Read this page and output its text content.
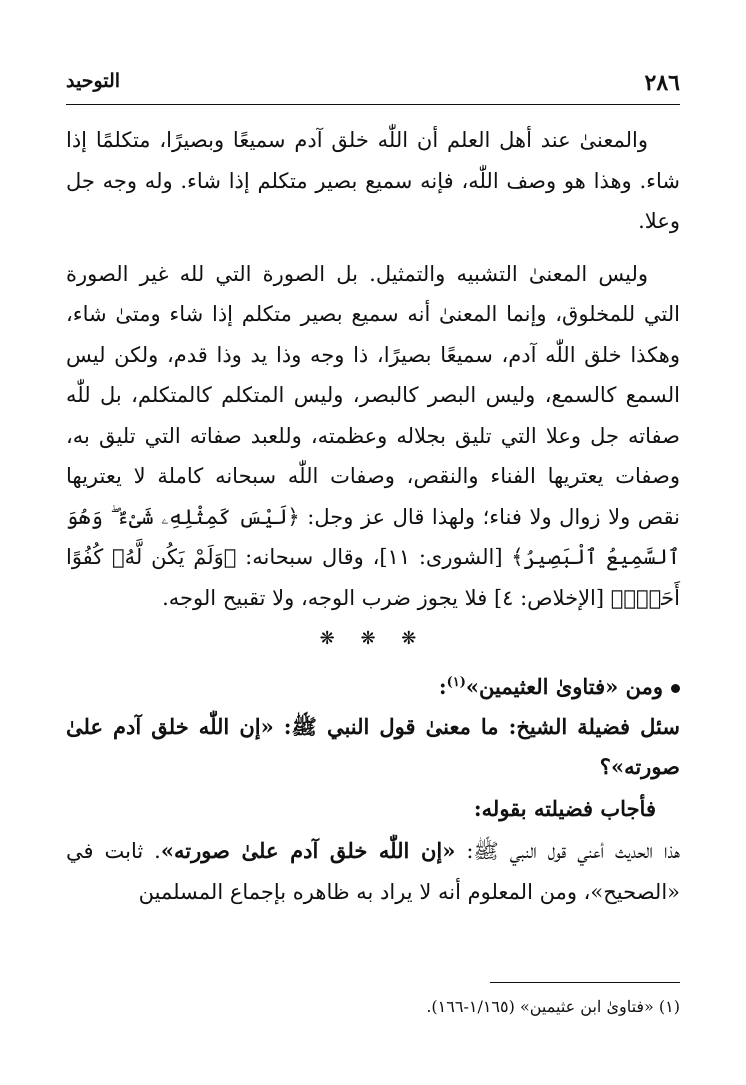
٢٨٦
التوحيد

والمعنىٰ عند أهل العلم أن اللّٰه خلق آدم سميعًا وبصيرًا، متكلمًا إذا شاء. وهذا هو وصف اللّٰه، فإنه سميع بصير متكلم إذا شاء. وله وجه جل وعلا.

وليس المعنىٰ التشبيه والتمثيل. بل الصورة التي لله غير الصورة التي للمخلوق، وإنما المعنىٰ أنه سميع بصير متكلم إذا شاء ومتىٰ شاء، وهكذا خلق اللّٰه آدم، سميعًا بصيرًا، ذا وجه وذا يد وذا قدم، ولكن ليس السمع كالسمع، وليس البصر كالبصر، وليس المتكلم كالمتكلم، بل للّٰه صفاته جل وعلا التي تليق بجلاله وعظمته، وللعبد صفاته التي تليق به، وصفات يعتريها الفناء والنقص، وصفات اللّٰه سبحانه كاملة لا يعتريها نقص ولا زوال ولا فناء؛ ولهذا قال عز وجل: ﴿لَيْسَ كَمِثْلِهِۦ شَىْءٌ ۖ وَهُوَ ٱلسَّمِيعُ ٱلْبَصِيرُ﴾ [الشورى: ١١]، وقال سبحانه: ﴿وَلَمْ يَكُن لَّهُۥ كُفُوًا أَحَدٌۢ﴾ [الإخلاص: ٤] فلا يجوز ضرب الوجه، ولا تقبيح الوجه.

❋ ❋ ❋
ومن «فتاوىٰ العثيمين»$^{(١)}$:

سئل فضيلة الشيخ: ما معنىٰ قول النبي ﷺ: «إن اللّٰه خلق آدم علىٰ صورته»؟

فأجاب فضيلته بقوله:

هذا الحديث أعني قول النبي ﷺ: «إن اللّٰه خلق آدم علىٰ صورته». ثابت في «الصحيح»، ومن المعلوم أنه لا يراد به ظاهره بإجماع المسلمين

(١) «فتاوىٰ ابن عثيمين» (١/١٦٥-١٦٦).
